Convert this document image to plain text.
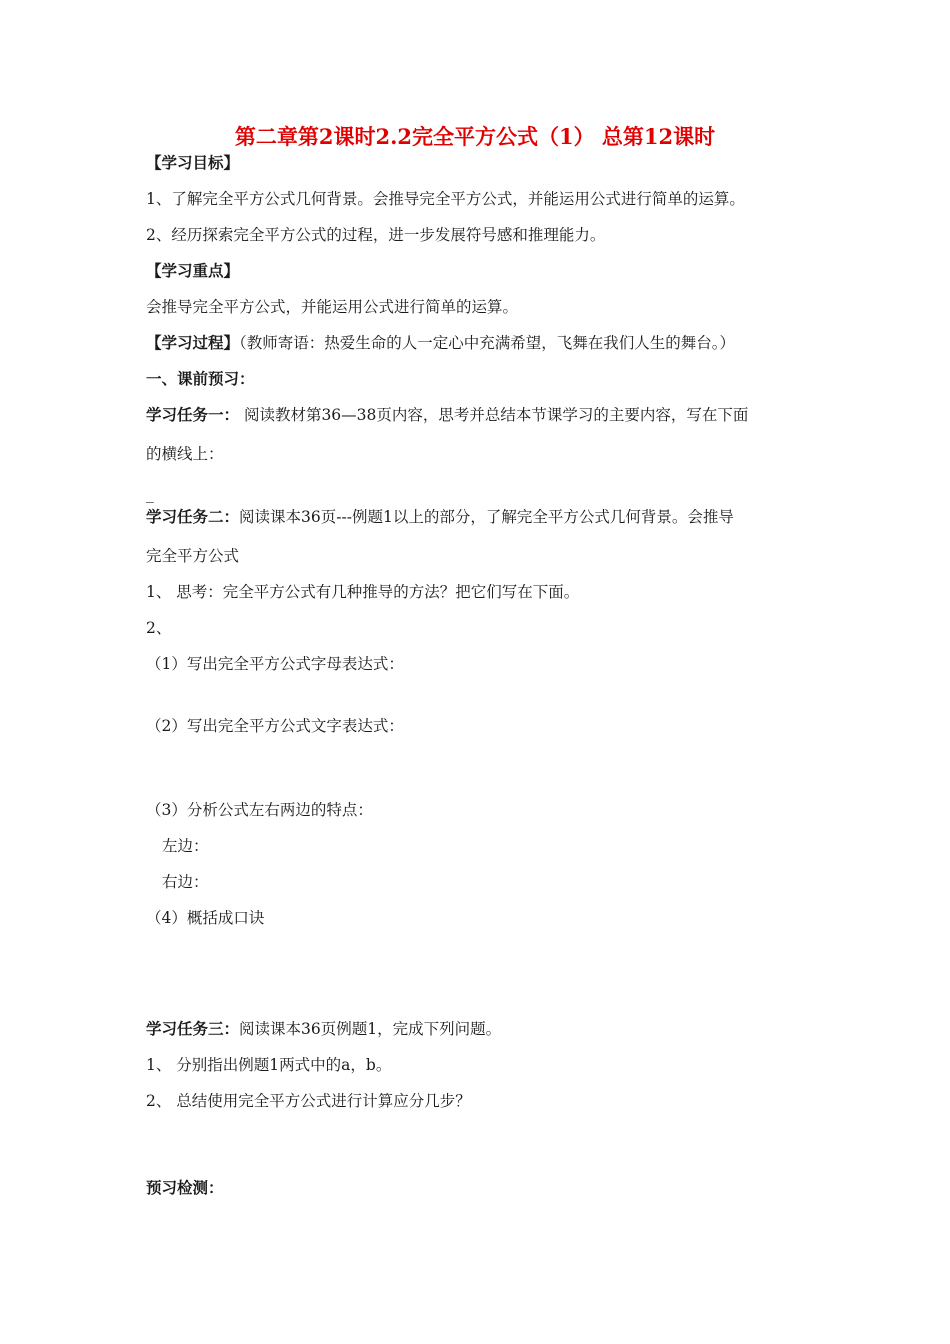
第二章第2课时2.2完全平方公式（1） 总第12课时
【学习目标】
1、了解完全平方公式几何背景。会推导完全平方公式，并能运用公式进行简单的运算。
2、经历探索完全平方公式的过程，进一步发展符号感和推理能力。
【学习重点】
会推导完全平方公式，并能运用公式进行简单的运算。
【学习过程】（教师寄语：热爱生命的人一定心中充满希望，飞舞在我们人生的舞台。）
一、课前预习：
学习任务一： 阅读教材第36—38页内容，思考并总结本节课学习的主要内容，写在下面
的横线上：
_
学习任务二：阅读课本36页---例题1以上的部分，了解完全平方公式几何背景。会推导
完全平方公式
1、 思考：完全平方公式有几种推导的方法？把它们写在下面。
2、
（1）写出完全平方公式字母表达式：
（2）写出完全平方公式文字表达式：
（3）分析公式左右两边的特点：
左边：
右边：
（4）概括成口诀
学习任务三：阅读课本36页例题1，完成下列问题。
1、 分别指出例题1两式中的a，b。
2、 总结使用完全平方公式进行计算应分几步？
预习检测：
